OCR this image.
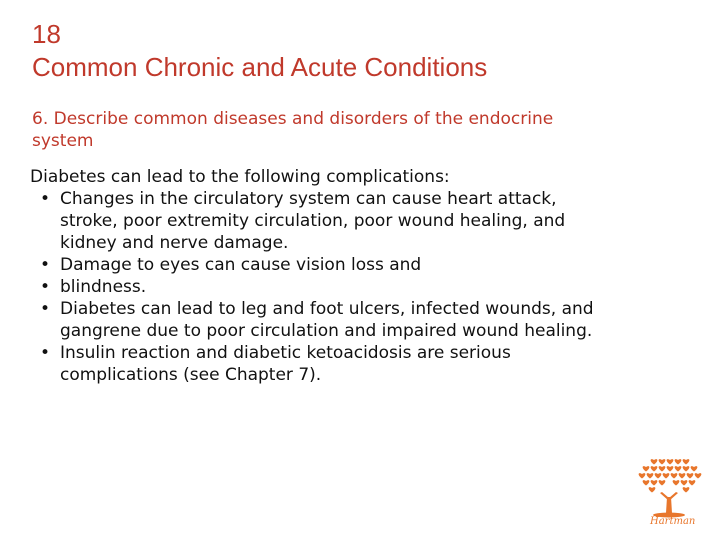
18
Common Chronic and Acute Conditions
6. Describe common diseases and disorders of the endocrine
system

Diabetes can lead to the following complications:

• Changes in the circulatory system can cause heart attack,
stroke, poor extremity circulation, poor wound healing, and
kidney and nerve damage.
• Damage to eyes can cause vision loss and
• blindness.
• Diabetes can lead to leg and foot ulcers, infected wounds, and
gangrene due to poor circulation and impaired wound healing.
• Insulin reaction and diabetic ketoacidosis are serious
complications (see Chapter 7).
Hartman
